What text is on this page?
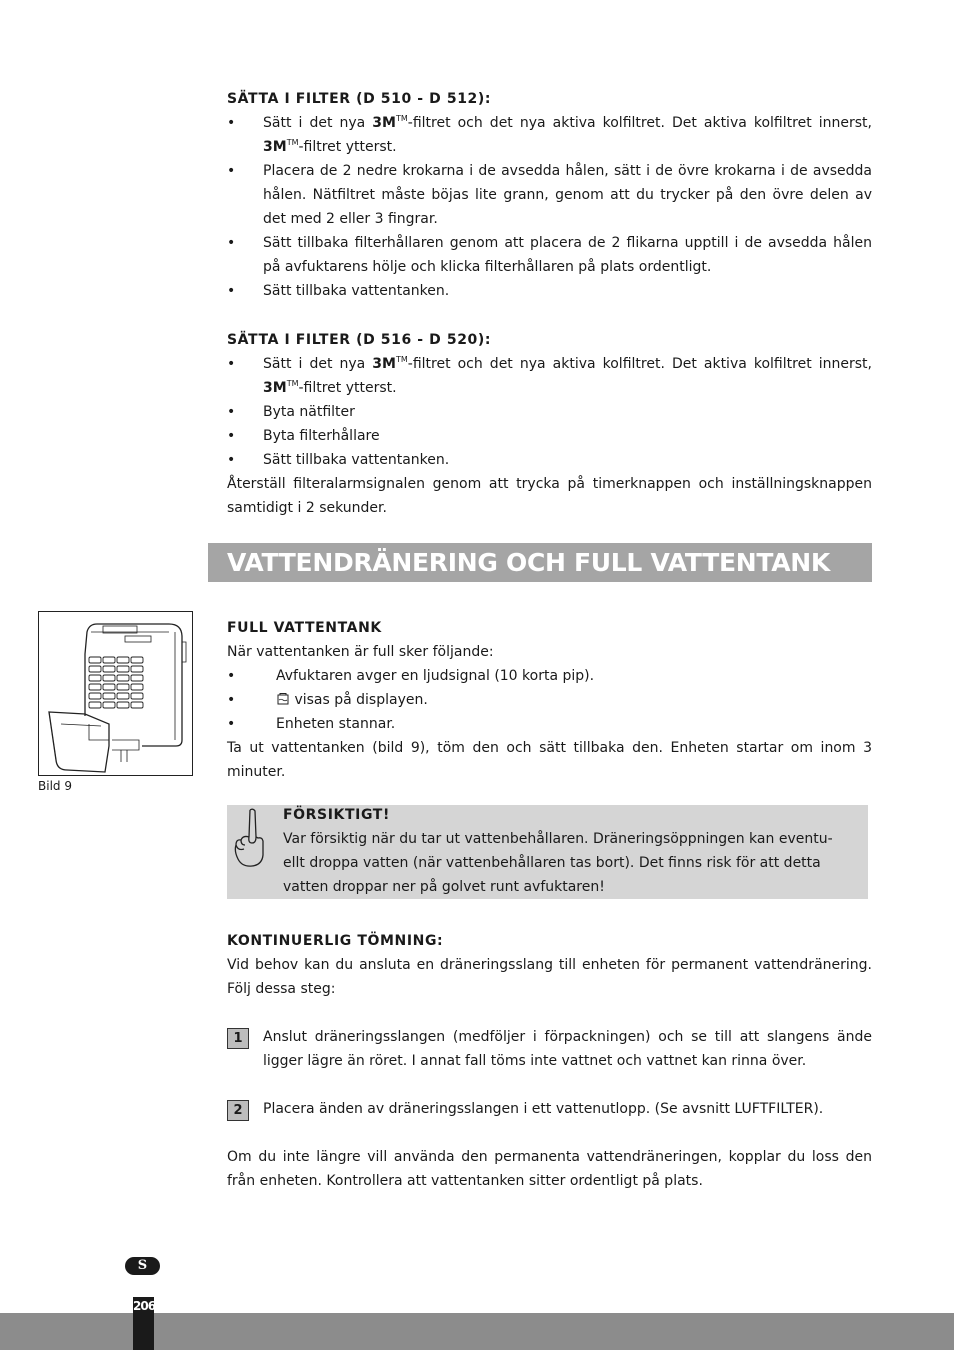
SÄTTA I FILTER (D 510 - D 512):
• Sätt i det nya 3M™-filtret och det nya aktiva kolfiltret. Det aktiva kolfiltret innerst, 3M™-filtret ytterst.
• Placera de 2 nedre krokarna i de avsedda hålen, sätt i de övre krokarna i de avsedda hålen. Nätfiltret måste böjas lite grann, genom att du trycker på den övre delen av det med 2 eller 3 fingrar.
• Sätt tillbaka filterhållaren genom att placera de 2 flikarna upptill i de avsedda hålen på avfuktarens hölje och klicka filterhållaren på plats ordentligt.
• Sätt tillbaka vattentanken.
SÄTTA I FILTER (D 516 - D 520):
• Sätt i det nya 3M™-filtret och det nya aktiva kolfiltret. Det aktiva kolfiltret innerst, 3M™-filtret ytterst.
• Byta nätfilter
• Byta filterhållare
• Sätt tillbaka vattentanken.
Återställ filteralarmsignalen genom att trycka på timerknappen och inställningsknappen samtidigt i 2 sekunder.
VATTENDRÄNERING OCH FULL VATTENTANK
Bild 9
FULL VATTENTANK
När vattentanken är full sker följande:
• Avfuktaren avger en ljudsignal (10 korta pip).
• visas på displayen.
• Enheten stannar.
Ta ut vattentanken (bild 9), töm den och sätt tillbaka den. Enheten startar om inom 3 minuter.
FÖRSIKTIGT!
Var försiktig när du tar ut vattenbehållaren. Dräneringsöppningen kan eventu-
ellt droppa vatten (när vattenbehållaren tas bort). Det finns risk för att detta
vatten droppar ner på golvet runt avfuktaren!
KONTINUERLIG TÖMNING:
Vid behov kan du ansluta en dräneringsslang till enheten för permanent vattendränering. Följ dessa steg:
1	Anslut dräneringsslangen (medföljer i förpackningen) och se till att slangens ände ligger lägre än röret. I annat fall töms inte vattnet och vattnet kan rinna över.
2	Placera änden av dräneringsslangen i ett vattenutlopp. (Se avsnitt LUFTFILTER).
Om du inte längre vill använda den permanenta vattendräneringen, kopplar du loss den från enheten. Kontrollera att vattentanken sitter ordentligt på plats.
S
206
